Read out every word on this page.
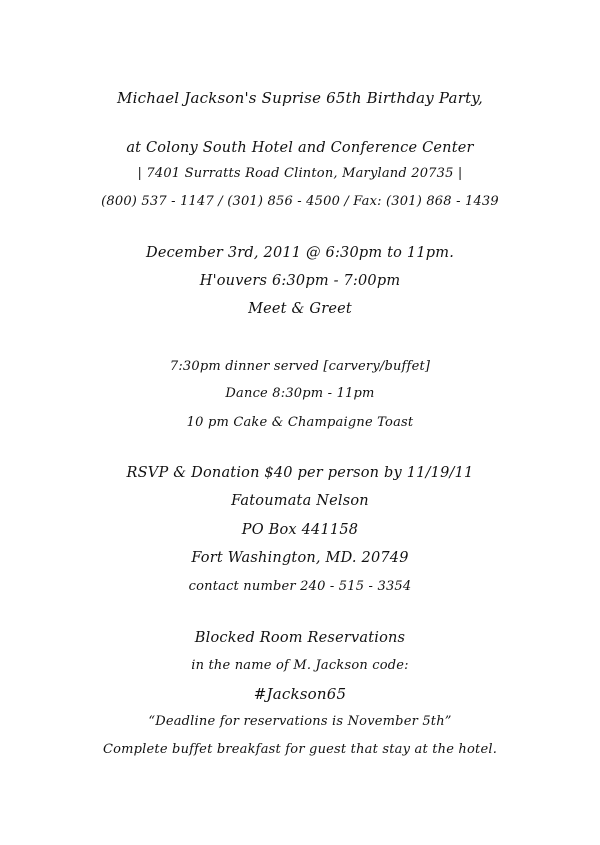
Michael Jackson's Suprise 65th Birthday Party,
at Colony South Hotel and Conference Center
| 7401 Surratts Road Clinton, Maryland 20735 |
(800) 537 - 1147 / (301) 856 - 4500 / Fax: (301) 868 - 1439
December 3rd, 2011 @ 6:30pm to 11pm.
H'ouvers 6:30pm - 7:00pm
Meet & Greet
7:30pm dinner served [carvery/buffet]
Dance 8:30pm - 11pm
10 pm Cake & Champaigne Toast
RSVP & Donation $40 per person by 11/19/11
Fatoumata Nelson
PO Box 441158
Fort Washington, MD. 20749
contact number 240 - 515 - 3354
Blocked Room Reservations
in the name of M. Jackson code:
#Jackson65
“Deadline for reservations is November 5th”
Complete buffet breakfast for guest that stay at the hotel.
